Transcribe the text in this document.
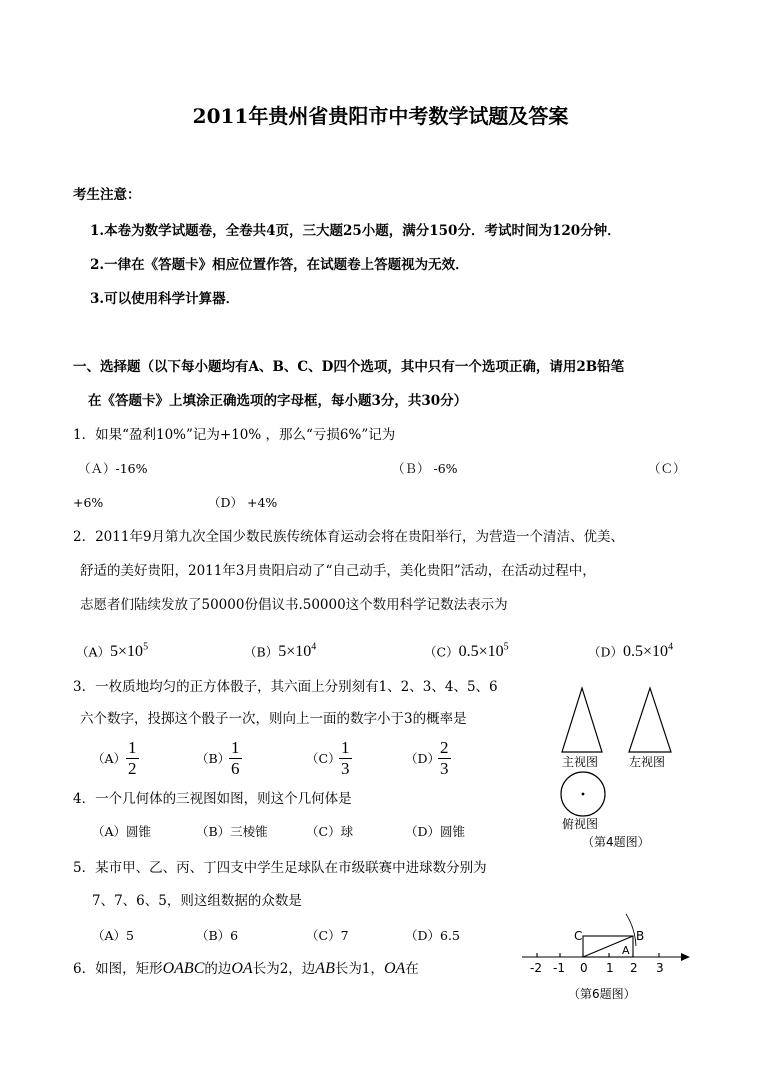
2011年贵州省贵阳市中考数学试题及答案
考生注意：
1.本卷为数学试题卷，全卷共4页，三大题25小题，满分150分．考试时间为120分钟．
2.一律在《答题卡》相应位置作答，在试题卷上答题视为无效．
3.可以使用科学计算器．
一、选择题（以下每小题均有A、B、C、D四个选项，其中只有一个选项正确，请用2B铅笔
在《答题卡》上填涂正确选项的字母框，每小题3分，共30分）
1．如果“盈利10%”记为+10% ，那么“亏损6%”记为
（Ａ）-16%	（Ｂ） -6%	（Ｃ）
+6%	（D） +4%
2．2011年9月第九次全国少数民族传统体育运动会将在贵阳举行，为营造一个清洁、优美、
舒适的美好贵阳，2011年3月贵阳启动了“自己动手，美化贵阳”活动，在活动过程中，
志愿者们陆续发放了50000份倡议书.50000这个数用科学记数法表示为
$(A)5\times 10^5$	$(B)5\times 10^4$	$(C)0.5\times 10^5$	$(D)0.5\times 10^4$
3．一枚质地均匀的正方体骰子，其六面上分别刻有1、2、3、4、5、6
六个数字，投掷这个骰子一次，则向上一面的数字小于3的概率是
$(A) \frac{1}{2}$	（B）
$\frac{1}{6}$	（C）
$\frac{1}{3}$	（D）
$\frac{2}{3}$
4．一个几何体的三视图如图，则这个几何体是
（A）圆锥	（B）三棱锥	（C）球	（D）圆锥
主视图	左视图
俯视图
（第4题图）
5．某市甲、乙、丙、丁四支中学生足球队在市级联赛中进球数分别为
7、7、6、5，则这组数据的众数是
（A）5	（B）6	（C）7	（D）6.5
6．如图，矩形OABC的边OA长为2，边AB长为1，OA在
C	B
A
-2 -1 0 1 2 3
（第6题图）
